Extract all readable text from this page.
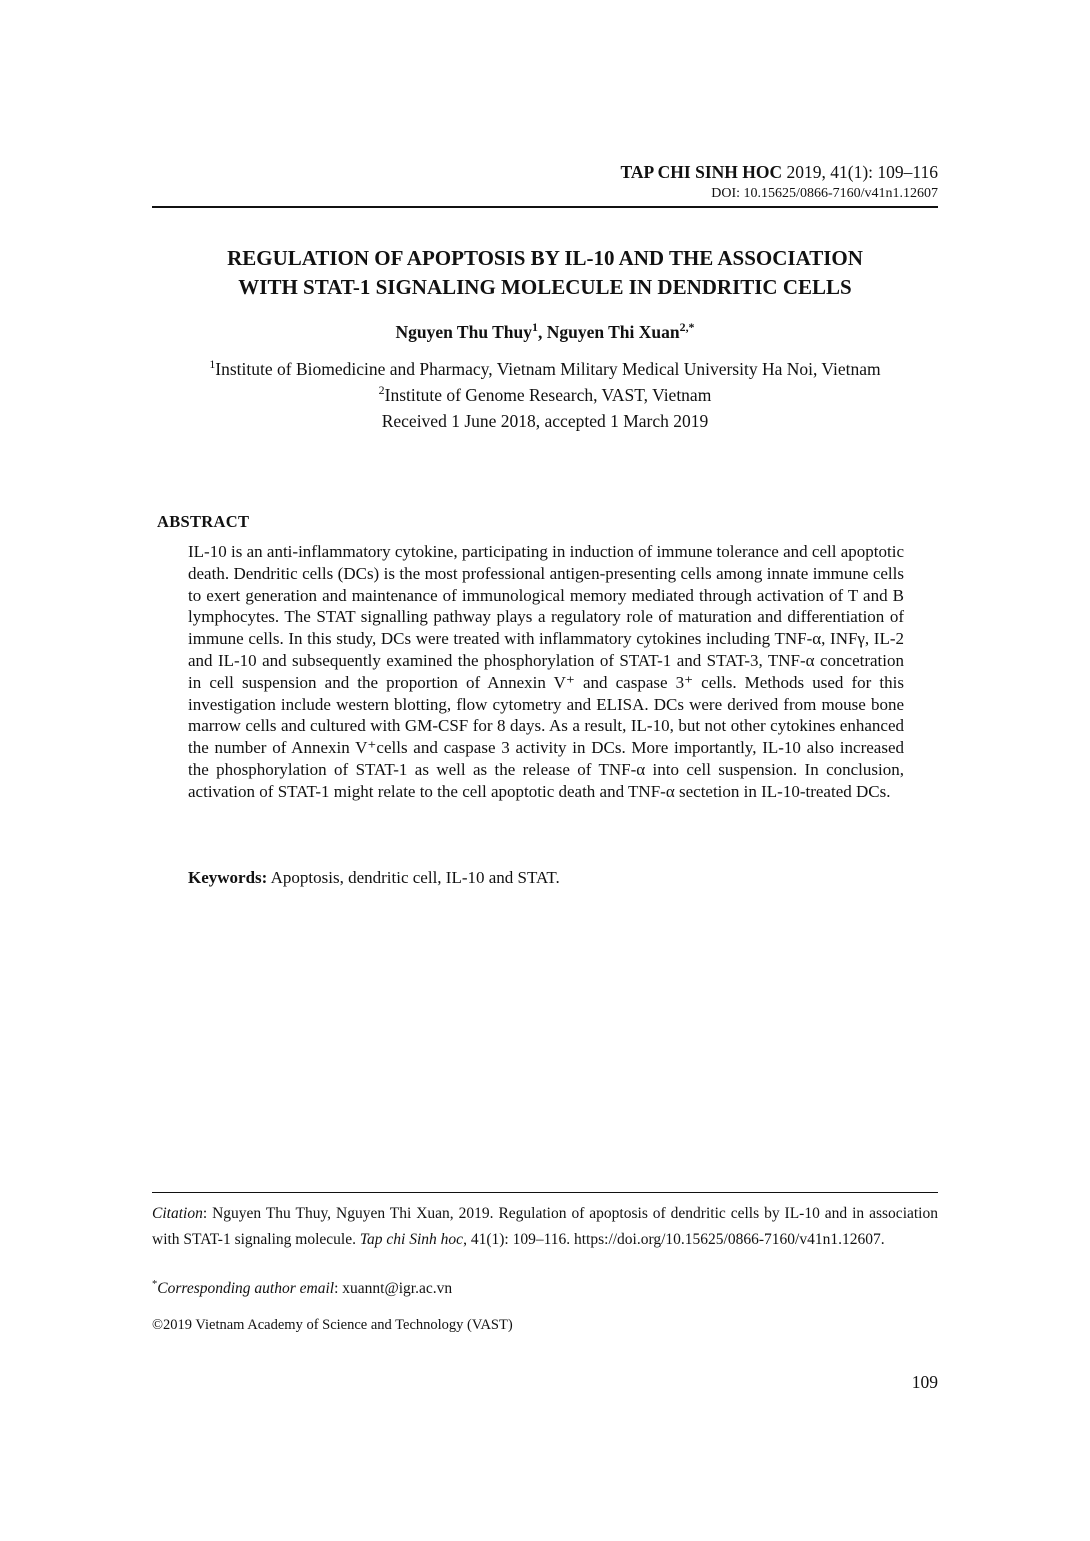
TAP CHI SINH HOC 2019, 41(1): 109–116
DOI: 10.15625/0866-7160/v41n1.12607
REGULATION OF APOPTOSIS BY IL-10 AND THE ASSOCIATION
WITH STAT-1 SIGNALING MOLECULE IN DENDRITIC CELLS
Nguyen Thu Thuy$^1$, Nguyen Thi Xuan$^{2,*}$
$^1$Institute of Biomedicine and Pharmacy, Vietnam Military Medical University Ha Noi, Vietnam
$^2$Institute of Genome Research, VAST, Vietnam
Received 1 June 2018, accepted 1 March 2019
ABSTRACT
IL-10 is an anti-inflammatory cytokine, participating in induction of immune tolerance and cell apoptotic death. Dendritic cells (DCs) is the most professional antigen-presenting cells among innate immune cells to exert generation and maintenance of immunological memory mediated through activation of T and B lymphocytes. The STAT signalling pathway plays a regulatory role of maturation and differentiation of immune cells. In this study, DCs were treated with inflammatory cytokines including TNF-α, INFγ, IL-2 and IL-10 and subsequently examined the phosphorylation of STAT-1 and STAT-3, TNF-α concetration in cell suspension and the proportion of Annexin V⁺ and caspase 3⁺ cells. Methods used for this investigation include western blotting, flow cytometry and ELISA. DCs were derived from mouse bone marrow cells and cultured with GM-CSF for 8 days. As a result, IL-10, but not other cytokines enhanced the number of Annexin V⁺cells and caspase 3 activity in DCs. More importantly, IL-10 also increased the phosphorylation of STAT-1 as well as the release of TNF-α into cell suspension. In conclusion, activation of STAT-1 might relate to the cell apoptotic death and TNF-α sectetion in IL-10-treated DCs.
Keywords: Apoptosis, dendritic cell, IL-10 and STAT.
Citation: Nguyen Thu Thuy, Nguyen Thi Xuan, 2019. Regulation of apoptosis of dendritic cells by IL-10 and in association with STAT-1 signaling molecule. Tap chi Sinh hoc, 41(1): 109–116. https://doi.org/10.15625/0866-7160/v41n1.12607.
*Corresponding author email: xuannt@igr.ac.vn
©2019 Vietnam Academy of Science and Technology (VAST)
109
